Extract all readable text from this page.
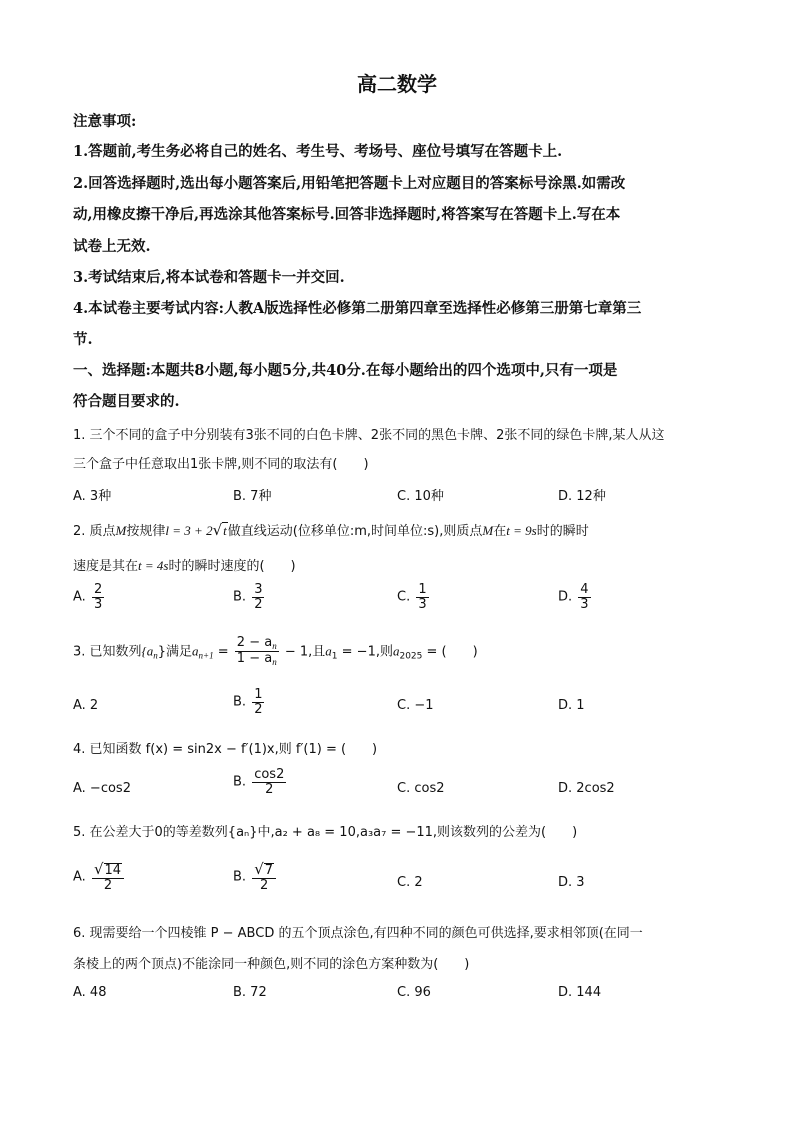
高二数学
注意事项:
1.答题前,考生务必将自己的姓名、考生号、考场号、座位号填写在答题卡上.
2.回答选择题时,选出每小题答案后,用铅笔把答题卡上对应题目的答案标号涂黑.如需改
动,用橡皮擦干净后,再选涂其他答案标号.回答非选择题时,将答案写在答题卡上.写在本
试卷上无效.
3.考试结束后,将本试卷和答题卡一并交回.
4.本试卷主要考试内容:人教A版选择性必修第二册第四章至选择性必修第三册第七章第三
节.
一、选择题:本题共8小题,每小题5分,共40分.在每小题给出的四个选项中,只有一项是
符合题目要求的.
1. 三个不同的盒子中分别装有3张不同的白色卡牌、2张不同的黑色卡牌、2张不同的绿色卡牌,某人从这
三个盒子中任意取出1张卡牌,则不同的取法有(　　)
A. 3种	B. 7种	C. 10种	D. 12种
2. 质点M按规律l = 3 + 2 √ t 做直线运动(位移单位:m,时间单位:s),则质点M在t = 9s时的瞬时
速度是其在t = 4s时的瞬时速度的(　　)
A. $\frac{2}{3}$	B. $\frac{3}{2}$	C. $\frac{1}{3}$	D. $\frac{4}{3}$
3. 已知数列$\{a_n\}$满足$a_{n+1} = \frac{2 - a_n}{1 - a_n} - 1$,且$a_1 = -1$,则$a_{2025}$ = (　　)
A. 2	B. $\frac{1}{2}$	C. −1	D. 1
4. 已知函数 f(x) = sin2x − f′(1)x,则 f′(1) = (　　)
A. −cos2	B. $\frac{\cos 2}{2}$	C. cos2	D. 2cos2
5. 在公差大于0的等差数列{aₙ}中,a₂ + a₈ = 10,a₃a₇ = −11,则该数列的公差为(　　)
A. $\frac{√ 14}{2}$	B. $\frac{√ 7}{2}$	C. 2	D. 3
6. 现需要给一个四棱锥 P − ABCD 的五个顶点涂色,有四种不同的颜色可供选择,要求相邻顶(在同一
条棱上的两个顶点)不能涂同一种颜色,则不同的涂色方案种数为(　　)
A. 48	B. 72	C. 96	D. 144
